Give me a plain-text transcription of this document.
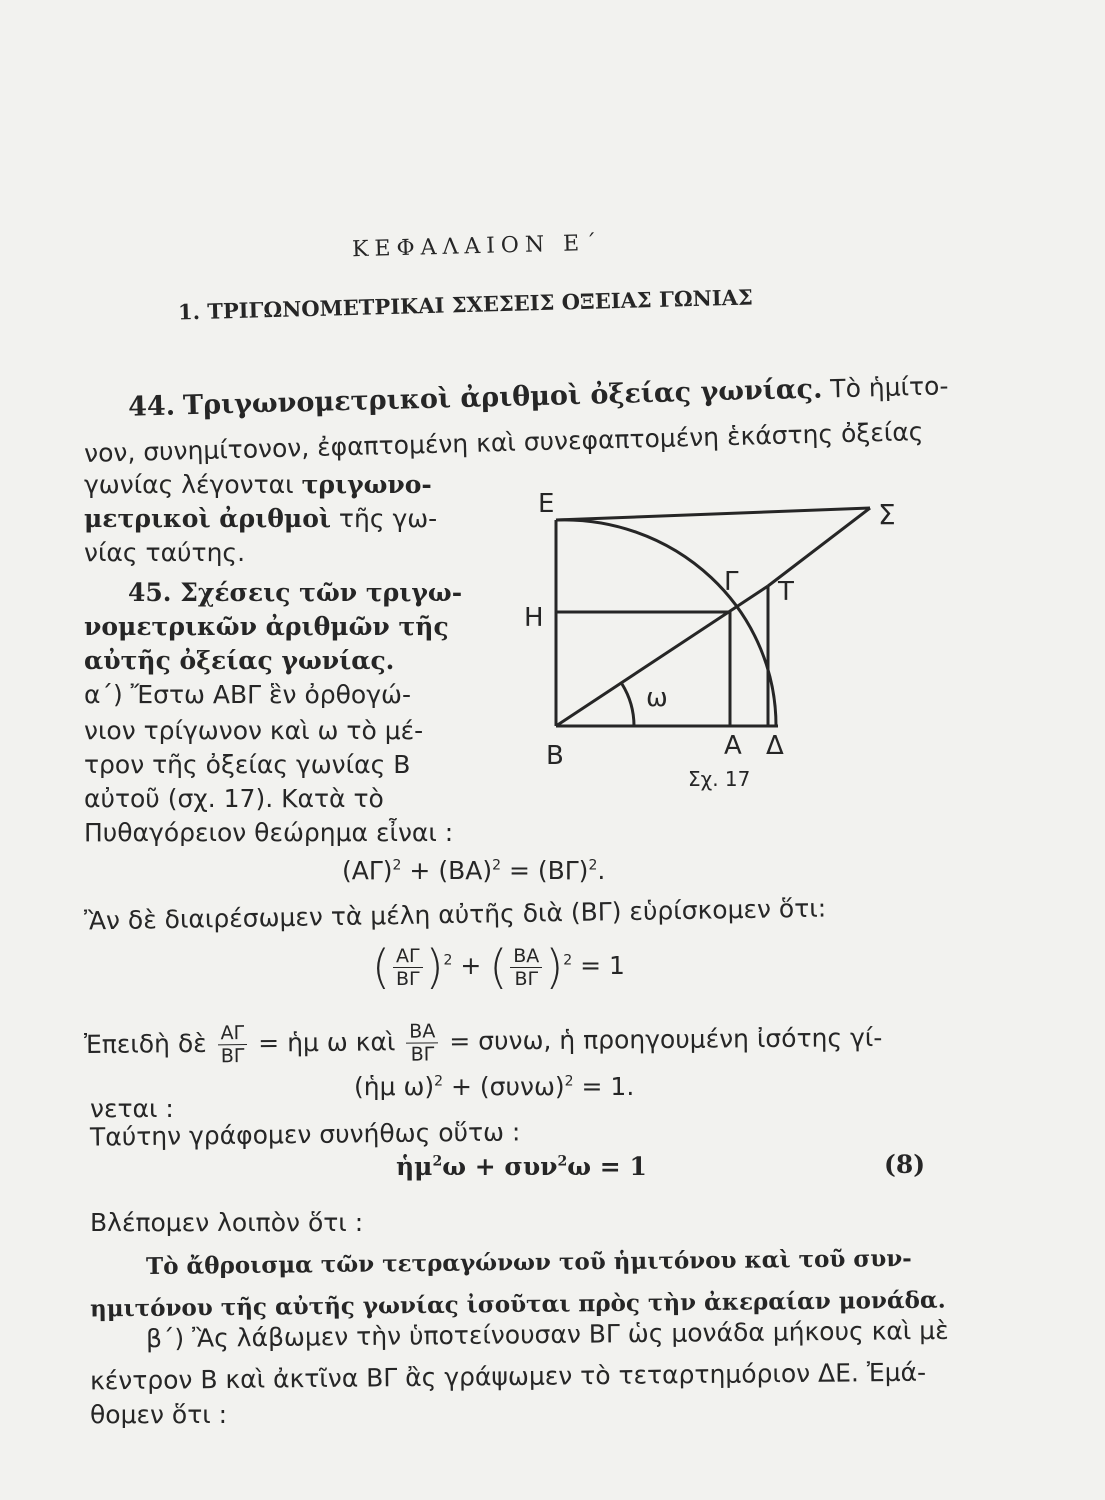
ΚΕΦΑΛΑΙΟΝ Ε΄
1. ΤΡΙΓΩΝΟΜΕΤΡΙΚΑΙ ΣΧΕΣΕΙΣ ΟΞΕΙΑΣ ΓΩΝΙΑΣ
44. Τριγωνομετρικοὶ ἀριθμοὶ ὀξείας γωνίας. Τὸ ἡμίτο-
νον, συνημίτονον, ἐφαπτομένη καὶ συνεφαπτομένη ἑκάστης ὀξείας
γωνίας λέγονται τριγωνο-
μετρικοὶ ἀριθμοὶ τῆς γω-
νίας ταύτης.
45. Σχέσεις τῶν τριγω-
νομετρικῶν ἀριθμῶν τῆς
αὐτῆς ὀξείας γωνίας.
α΄) Ἔστω ΑΒΓ ἓν ὀρθογώ-
νιον τρίγωνον καὶ ω τὸ μέ-
τρον τῆς ὀξείας γωνίας Β
αὐτοῦ (σχ. 17). Κατὰ τὸ
Πυθαγόρειον θεώρημα εἶναι :
Ε	Σ
Γ Τ
Η
ω
Β	Α Δ
Σχ. 17
$(A\Gamma)^2 + (BA)^2 = (B\Gamma)^2$.
Ἂν δὲ διαιρέσωμεν τὰ μέλη αὐτῆς διὰ (ΒΓ) εὑρίσκομεν ὅτι:
( $\frac{A\Gamma}{B\Gamma} )^2$ + ( $\frac{BA}{B\Gamma} )^2 = 1$
Ἐπειδὴ δὲ $\frac{A\Gamma}{B\Gamma}$ = ἡμ ω καὶ $\frac{BA}{B\Gamma} = \sigma\upsilon\nu\omega$, ἡ προηγουμένη ἰσότης γί-
(ἡμ $\omega)^2 + (\sigma\upsilon\nu\omega)^2 = 1$.
νεται :
Ταύτην γράφομεν συνήθως οὕτω :
ἡμ$^2$ω + συν$^2$ω = 1	(8)
Βλέπομεν λοιπὸν ὅτι :
Τὸ ἄθροισμα τῶν τετραγώνων τοῦ ἡμιτόνου καὶ τοῦ συν-
ημιτόνου τῆς αὐτῆς γωνίας ἰσοῦται πρὸς τὴν ἀκεραίαν μονάδα.
β΄) Ἂς λάβωμεν τὴν ὑποτείνουσαν ΒΓ ὡς μονάδα μήκους καὶ μὲ
κέντρον Β καὶ ἀκτῖνα ΒΓ ἂς γράψωμεν τὸ τεταρτημόριον ΔΕ. Ἐμά-
θομεν ὅτι :
